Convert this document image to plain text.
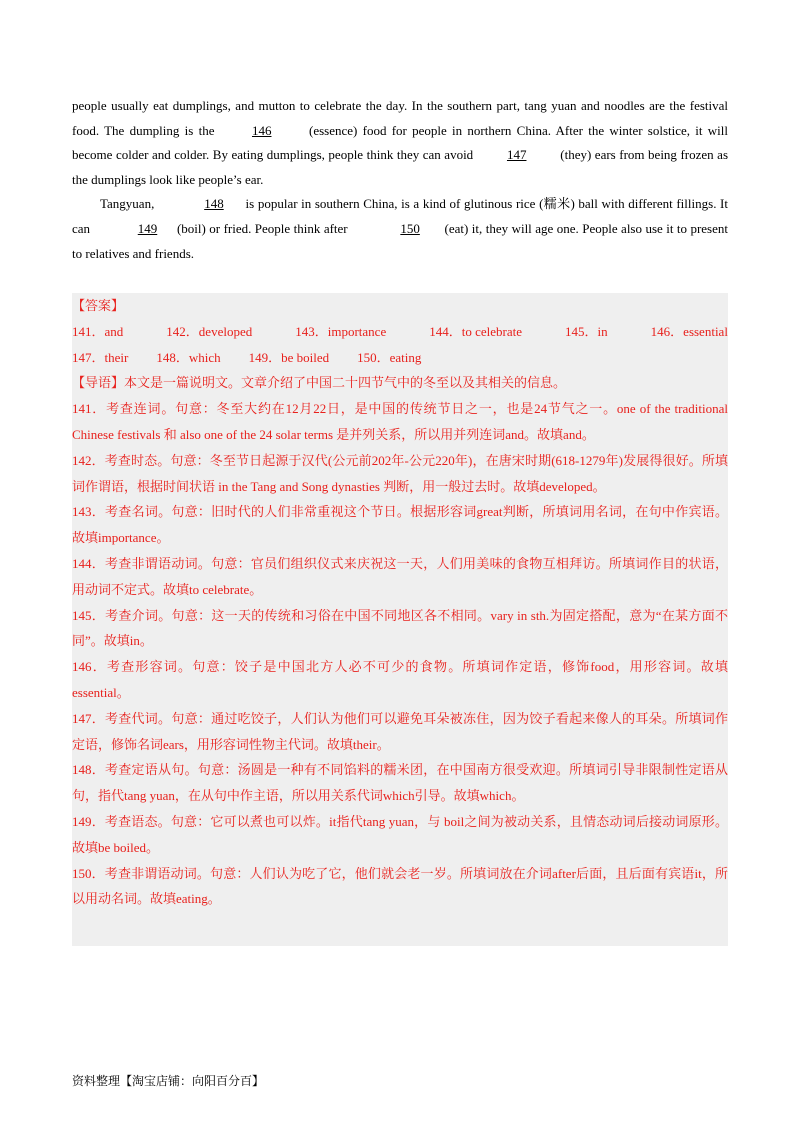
people usually eat dumplings, and mutton to celebrate the day. In the southern part, tang yuan and noodles are the festival food. The dumpling is the	146	(essence) food for people in northern China. After the winter solstice, it will become colder and colder. By eating dumplings, people think they can avoid	147	(they) ears from being frozen as the dumplings look like people’s ear.

Tangyuan,	148 is popular in southern China, is a kind of glutinous rice (糯米) ball with different fillings. It can	149 (boil) or fried. People think after	150 (eat) it, they will age one. People also use it to present to relatives and friends.

【答案】
141．and	142．developed	143．importance	144．to celebrate	145．in	146．essential
147．their 148．which 149．be boiled 150．eating
【导语】本文是一篇说明文。文章介绍了中国二十四节气中的冬至以及其相关的信息。

141．考查连词。句意：冬至大约在12月22日，是中国的传统节日之一，也是24节气之一。one of the traditional Chinese festivals 和 also one of the 24 solar terms 是并列关系，所以用并列连词and。故填and。

142．考查时态。句意：冬至节日起源于汉代(公元前202年-公元220年)，在唐宋时期(618-1279年)发展得很好。所填词作谓语，根据时间状语 in the Tang and Song dynasties 判断，用一般过去时。故填developed。

143．考查名词。句意：旧时代的人们非常重视这个节日。根据形容词great判断，所填词用名词，在句中作宾语。故填importance。

144．考查非谓语动词。句意：官员们组织仪式来庆祝这一天，人们用美味的食物互相拜访。所填词作目的状语，用动词不定式。故填to celebrate。

145．考查介词。句意：这一天的传统和习俗在中国不同地区各不相同。vary in sth.为固定搭配，意为“在某方面不同”。故填in。

146．考查形容词。句意：饺子是中国北方人必不可少的食物。所填词作定语，修饰food，用形容词。故填essential。

147．考查代词。句意：通过吃饺子，人们认为他们可以避免耳朵被冻住，因为饺子看起来像人的耳朵。所填词作定语，修饰名词ears，用形容词性物主代词。故填their。

148．考查定语从句。句意：汤圆是一种有不同馅料的糯米团，在中国南方很受欢迎。所填词引导非限制性定语从句，指代tang yuan，在从句中作主语，所以用关系代词which引导。故填which。

149．考查语态。句意：它可以煮也可以炸。it指代tang yuan，与 boil之间为被动关系，且情态动词后接动词原形。故填be boiled。

150．考查非谓语动词。句意：人们认为吃了它，他们就会老一岁。所填词放在介词after后面，且后面有宾语it，所以用动名词。故填eating。

资料整理【淘宝店铺：向阳百分百】
